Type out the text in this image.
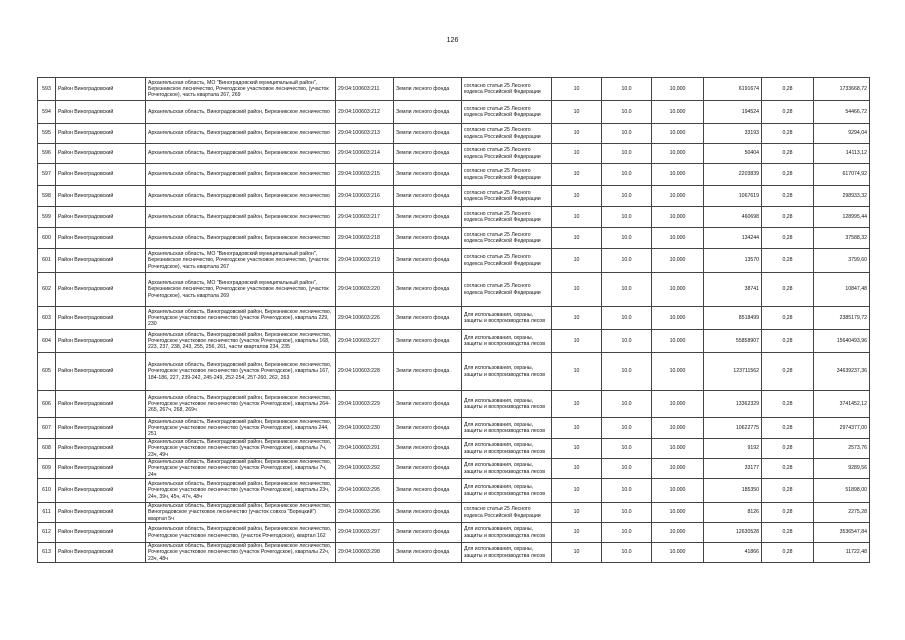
126
593	Район Виноградовский	Архангельская область, МО "Виноградовский муниципальный район", Березникское лесничество, Рочегодское участковое лесничество, (участок Рочегодское), часть квартала 267, 269	29:04:100603:211	Земли лесного фонда	согласно статьи 25 Лесного кодекса Российской Федерации	10	10.0	10.000	6191674	0,28	1733668,72
594	Район Виноградовский	Архангельская область, Виноградовский район, Березникское лесничество	29:04:100603:212	Земли лесного фонда	согласно статьи 25 Лесного кодекса Российской Федерации	10	10.0	10.000	194524	0,28	54466,72
595	Район Виноградовский	Архангельская область, Виноградовский район, Березникское лесничество	29:04:100603:213	Земли лесного фонда	согласно статьи 25 Лесного кодекса Российской Федерации	10	10.0	10.000	33193	0,28	9294,04
596	Район Виноградовский	Архангельская область, Виноградовский район, Березникское лесничество	29:04:100603:214	Земли лесного фонда	согласно статьи 25 Лесного кодекса Российской Федерации	10	10.0	10.000	50404	0,28	14113,12
597	Район Виноградовский	Архангельская область, Виноградовский район, Березникское лесничество	29:04:100603:215	Земли лесного фонда	согласно статьи 25 Лесного кодекса Российской Федерации	10	10.0	10.000	2203839	0,28	617074,92
598	Район Виноградовский	Архангельская область, Виноградовский район, Березникское лесничество	29:04:100603:216	Земли лесного фонда	согласно статьи 25 Лесного кодекса Российской Федерации	10	10.0	10.000	1067619	0,28	298933,32
599	Район Виноградовский	Архангельская область, Виноградовский район, Березникское лесничество	29:04:100603:217	Земли лесного фонда	согласно статьи 25 Лесного кодекса Российской Федерации	10	10.0	10.000	460698	0,28	128995,44
600	Район Виноградовский	Архангельская область, Виноградовский район, Березникское лесничество	29:04:100603:218	Земли лесного фонда	согласно статьи 25 Лесного кодекса Российской Федерации	10	10.0	10.000	134244	0,28	37588,32
601	Район Виноградовский	Архангельская область, МО "Виноградовский муниципальный район", Березникское лесничество, Рочегодское участковое лесничество, (участок Рочегодское), часть квартала 267	29:04:100603:219	Земли лесного фонда	согласно статьи 25 Лесного кодекса Российской Федерации	10	10.0	10.000	13570	0,28	3799,60
602	Район Виноградовский	Архангельская область, МО "Виноградовский муниципальный район", Березникское лесничество, Рочегодское участковое лесничество, (участок Рочегодское), часть квартала 269	29:04:100603:220	Земли лесного фонда	согласно статьи 25 Лесного кодекса Российской Федерации	10	10.0	10.000	38741	0,28	10847,48
603	Район Виноградовский	Архангельская область, Виноградовский район, Березникское лесничество, Рочегодское участковое лесничество (участок Рочегодское), квартала 229, 230	29:04:100603:226	Земли лесного фонда	Для использования, охраны, защиты и воспроизводства лесов	10	10.0	10.000	8518499	0,28	2385179,72
604	Район Виноградовский	Архангельская область, Виноградовский район, Березникское лесничество, Рочегодское участковое лесничество (участок Рочегодское), кварталы 168, 223, 237, 238, 243, 255, 256, 261, части кварталов 234, 235	29:04:100603:227	Земли лесного фонда	Для использования, охраны, защиты и воспроизводства лесов	10	10.0	10.000	55858907	0,28	15640493,96
605	Район Виноградовский	Архангельская область, Виноградовский район, Березникское лесничество, Рочегодское участковое лесничество (участок Рочегодское), кварталы 167, 184-186, 227, 239-242, 245-249, 252-254, 257-260, 262, 263	29:04:100603:228	Земли лесного фонда	Для использования, охраны, защиты и воспроизводства лесов	10	10.0	10.000	123711562	0,28	34639237,36
606	Район Виноградовский	Архангельская область, Виноградовский район, Березникское лесничество, Рочегодское участковое лесничество (участок Рочегодское), кварталы 264-265, 267ч, 268, 269ч	29:04:100603:229	Земли лесного фонда	Для использования, охраны, защиты и воспроизводства лесов	10	10.0	10.000	13362329	0,28	3741452,12
607	Район Виноградовский	Архангельская область, Виноградовский район, Березникское лесничество, Рочегодское участковое лесничество (участок Рочегодское), квартала 244, 251	29:04:100603:230	Земли лесного фонда	Для использования, охраны, защиты и воспроизводства лесов	10	10.0	10.000	10622775	0,28	2974377,00
608	Район Виноградовский	Архангельская область, Виноградовский район, Березникское лесничество, Рочегодское участковое лесничество (участок Рочегодское), кварталы 7ч, 23ч, 49ч	29:04:100603:291	Земли лесного фонда	Для использования, охраны, защиты и воспроизводства лесов	10	10.0	10.000	9192	0,28	2573,76
609	Район Виноградовский	Архангельская область, Виноградовский район, Березникское лесничество, Рочегодское участковое лесничество (участок Рочегодское), кварталы 7ч, 24ч	29:04:100603:292	Земли лесного фонда	Для использования, охраны, защиты и воспроизводства лесов	10	10.0	10.000	33177	0,28	9289,56
610	Район Виноградовский	Архангельская область, Виноградовский район, Березникское лесничество, Рочегодское участковое лесничество (участок Рочегодское), кварталы 23ч, 24ч, 39ч, 45ч, 47ч, 48ч	29:04:100603:295	Земли лесного фонда	Для использования, охраны, защиты и воспроизводства лесов	10	10.0	10.000	185350	0,28	51898,00
611	Район Виноградовский	Архангельская область, Виноградовский район, Березникское лесничество, Виноградовское участковое лесничество (участок совхоз "Борецкий") квартал 5ч	29:04:100603:296	Земли лесного фонда	согласно статьи 25 Лесного кодекса Российской Федерации	10	10.0	10.000	8126	0,28	2275,28
612	Район Виноградовский	Архангельская область, Виноградовский район, Березникское лесничество, Рочегодское участковое лесничество, (участок Рочегодское), квартал 162	29:04:100603:297	Земли лесного фонда	Для использования, охраны, защиты и воспроизводства лесов	10	10.0	10.000	12630528	0,28	3536547,84
613	Район Виноградовский	Архангельская область, Виноградовский район, Березникское лесничество, Рочегодское участковое лесничество (участок Рочегодское), кварталы 22ч, 23ч, 48ч	29:04:100603:298	Земли лесного фонда	Для использования, охраны, защиты и воспроизводства лесов	10	10.0	10.000	41866	0,28	11722,48
